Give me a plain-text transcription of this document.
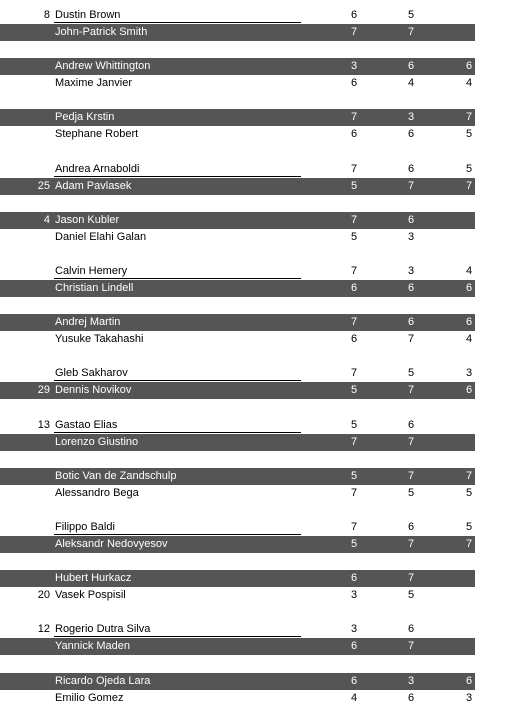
8 Dustin Brown	6	5
John-Patrick Smith	7	7
Andrew Whittington	3	6	6
Maxime Janvier	6	4	4
Pedja Krstin	7	3	7
Stephane Robert	6	6	5
Andrea Arnaboldi	7	6	5
25 Adam Pavlasek	5	7	7
4 Jason Kubler	7	6
Daniel Elahi Galan	5	3
Calvin Hemery	7	3	4
Christian Lindell	6	6	6
Andrej Martin	7	6	6
Yusuke Takahashi	6	7	4
Gleb Sakharov	7	5	3
29 Dennis Novikov	5	7	6
13 Gastao Elias	5	6
Lorenzo Giustino	7	7
Botic Van de Zandschulp	5	7	7
Alessandro Bega	7	5	5
Filippo Baldi	7	6	5
Aleksandr Nedovyesov	5	7	7
Hubert Hurkacz	6	7
20 Vasek Pospisil	3	5
12 Rogerio Dutra Silva	3	6
Yannick Maden	6	7
Ricardo Ojeda Lara	6	3	6
Emilio Gomez	4	6	3
